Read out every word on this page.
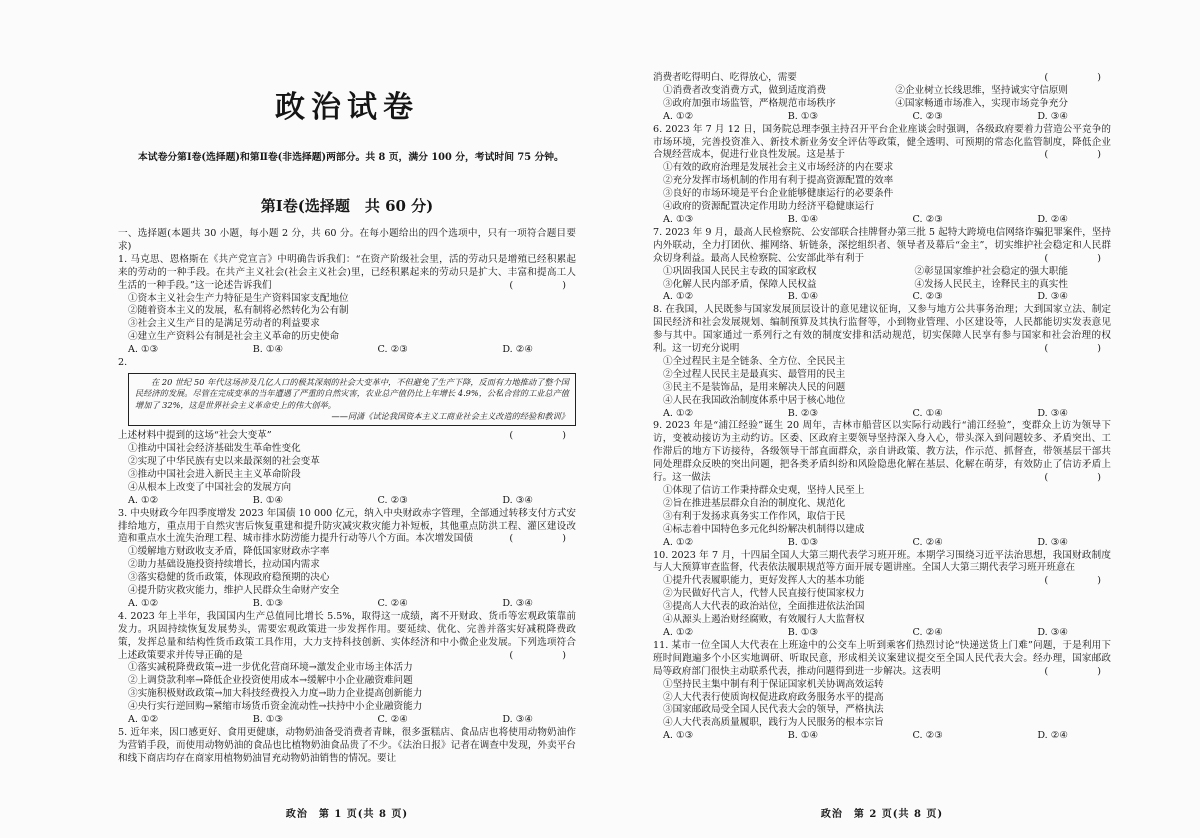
政治试卷

本试卷分第Ⅰ卷(选择题)和第Ⅱ卷(非选择题)两部分。共 8 页，满分 100 分，考试时间 75 分钟。

第Ⅰ卷(选择题　共 60 分)

一、选择题(本题共 30 小题，每小题 2 分，共 60 分。在每小题给出的四个选项中，只有一项符合题目要求)

1. 马克思、恩格斯在《共产党宣言》中明确告诉我们：“在资产阶级社会里，活的劳动只是增殖已经积累起来的劳动的一种手段。在共产主义社会(社会主义社会)里，已经积累起来的劳动只是扩大、丰富和提高工人生活的一种手段。”这一论述告诉我们	(　　)

①资本主义社会生产力特征是生产资料国家支配地位

②随着资本主义的发展，私有制将必然转化为公有制

③社会主义生产目的是满足劳动者的利益要求

④建立生产资料公有制是社会主义革命的历史使命

A. ①③	B. ①④	C. ②③	D. ②④

2.

在 20 世纪 50 年代这场涉及几亿人口的极其深刻的社会大变革中，不但避免了生产下降，反而有力地推动了整个国民经济的发展。尽管在完成变革的当年遭遇了严重的自然灾害，农业总产值仍比上年增长 4.9%，公私合营的工业总产值增加了 32%，这是世界社会主义革命史上的伟大创举。

——同潇《试论我国资本主义工商业社会主义改造的经验和教训》

上述材料中提到的这场“社会大变革”	(　　)

①推动中国社会经济基础发生革命性变化

②实现了中华民族有史以来最深刻的社会变革

③推动中国社会进入新民主主义革命阶段

④从根本上改变了中国社会的发展方向

A. ①②	B. ①④	C. ②③	D. ③④

3. 中央财政今年四季度增发 2023 年国债 10 000 亿元，纳入中央财政赤字管理，全部通过转移支付方式安排给地方，重点用于自然灾害后恢复重建和提升防灾减灾救灾能力补短板，其他重点防洪工程、灌区建设改造和重点水土流失治理工程、城市排水防涝能力提升行动等八个方面。本次增发国债	(　　)

①缓解地方财政收支矛盾，降低国家财政赤字率

②助力基础设施投资持续增长，拉动国内需求

③落实稳健的货币政策，体现政府稳预期的决心

④提升防灾救灾能力，维护人民群众生命财产安全

A. ①②	B. ①③	C. ②④	D. ③④

4. 2023 年上半年，我国国内生产总值同比增长 5.5%，取得这一成绩，离不开财政、货币等宏观政策靠前发力。巩固持续恢复发展势头，需要宏观政策进一步发挥作用。要延续、优化、完善并落实好减税降费政策，发挥总量和结构性货币政策工具作用，大力支持科技创新、实体经济和中小微企业发展。下列选项符合上述政策要求并传导正确的是	(　　)

①落实减税降费政策→进一步优化营商环境→激发企业市场主体活力

②上调贷款利率→降低企业投资使用成本→缓解中小企业融资难问题

③实施积极财政政策→加大科技经费投入力度→助力企业提高创新能力

④央行实行逆回购→紧缩市场货币资金流动性→扶持中小企业融资能力

A. ①②	B. ①③	C. ②④	D. ③④

5. 近年来，因口感更好、食用更健康，动物奶油备受消费者青睐，很多蛋糕店、食品店也将使用动物奶油作为营销手段，而使用动物奶油的食品也比植物奶油食品贵了不少。《法治日报》记者在调查中发现，外卖平台和线下商店均存在商家用植物奶油冒充动物奶油销售的情况。要让

政治　第 1 页(共 8 页)

消费者吃得明白、吃得放心，需要	(　　)

①消费者改变消费方式，做到适度消费	②企业树立长线思维，坚持诚实守信原则
③政府加强市场监管，严格规范市场秩序	④国家畅通市场准入，实现市场竞争充分
A. ①②	B. ①③	C. ②③	D. ③④

6. 2023 年 7 月 12 日，国务院总理李强主持召开平台企业座谈会时强调，各级政府要着力营造公平竞争的市场环境，完善投资准入、新技术新业务安全评估等政策，健全透明、可预期的常态化监管制度，降低企业合规经营成本，促进行业良性发展。这是基于	(　　)

①有效的政府治理是发展社会主义市场经济的内在要求

②充分发挥市场机制的作用有利于提高资源配置的效率

③良好的市场环境是平台企业能够健康运行的必要条件

④政府的资源配置决定作用助力经济平稳健康运行

A. ①③	B. ①④	C. ②③	D. ②④

7. 2023 年 9 月，最高人民检察院、公安部联合挂牌督办第三批 5 起特大跨境电信网络诈骗犯罪案件，坚持内外联动，全力打团伙、摧网络、斩链条，深挖组织者、领导者及幕后“金主”，切实维护社会稳定和人民群众切身利益。最高人民检察院、公安部此举有利于	(　　)

①巩固我国人民民主专政的国家政权	②彰显国家维护社会稳定的强大职能
③化解人民内部矛盾，保障人民权益	④发扬人民民主，诠释民主的真实性
A. ①②	B. ①④	C. ②③	D. ③④

8. 在我国，人民既参与国家发展顶层设计的意见建议征询，又参与地方公共事务治理；大到国家立法、制定国民经济和社会发展规划、编制预算及其执行监督等，小到物业管理、小区建设等，人民都能切实发表意见参与其中。国家通过一系列行之有效的制度安排和活动规范，切实保障人民享有参与国家和社会治理的权利。这一切充分说明	(　　)

①全过程民主是全链条、全方位、全民民主

②全过程人民民主是最真实、最管用的民主

③民主不是装饰品，是用来解决人民的问题

④人民在我国政治制度体系中居于核心地位

A. ①②	B. ②③	C. ①④	D. ③④

9. 2023 年是“浦江经验”诞生 20 周年，吉林市船营区以实际行动践行“浦江经验”，变群众上访为领导下访，变被动接访为主动约访。区委、区政府主要领导坚持深入身入心，带头深入到问题较多、矛盾突出、工作滞后的地方下访接待，各级领导干部直面群众，亲自讲政策、教方法，作示范、抓督查，带领基层干部共同处理群众反映的突出问题，把各类矛盾纠纷和风险隐患化解在基层、化解在萌芽，有效防止了信访矛盾上行。这一做法	(　　)

①体现了信访工作秉持群众史观，坚持人民至上

②旨在推进基层群众自治的制度化、规范化

③有利于发扬求真务实工作作风，取信于民

④标志着中国特色多元化纠纷解决机制得以建成

A. ①②	B. ①③	C. ②④	D. ③④

10. 2023 年 7 月，十四届全国人大第三期代表学习班开班。本期学习围绕习近平法治思想，我国财政制度与人大预算审查监督，代表依法履职规范等方面开展专题讲座。全国人大第三期代表学习班开班意在
(　　)

①提升代表履职能力，更好发挥人大的基本功能

②为民做好代言人，代替人民直接行使国家权力

③提高人大代表的政治站位，全面推进依法治国

④从源头上遏治财经腐败，有效履行人大监督权

A. ①②	B. ①③	C. ②④	D. ③④

11. 某市一位全国人大代表在上班途中的公交车上听到乘客们热烈讨论“快递送货上门难”问题，于是利用下班时间跑遍多个小区实地调研、听取民意，形成相关议案建议提交至全国人民代表大会。经办理，国家邮政局等政府部门很快主动联系代表，推动问题得到进一步解决。这表明	(　　)

①坚持民主集中制有利于保证国家机关协调高效运转

②人大代表行使质询权促进政府政务服务水平的提高

③国家邮政局受全国人民代表大会的领导，严格执法

④人大代表高质量履职，践行为人民服务的根本宗旨

A. ①③	B. ①④	C. ②③	D. ②④
政治　第 2 页(共 8 页)
